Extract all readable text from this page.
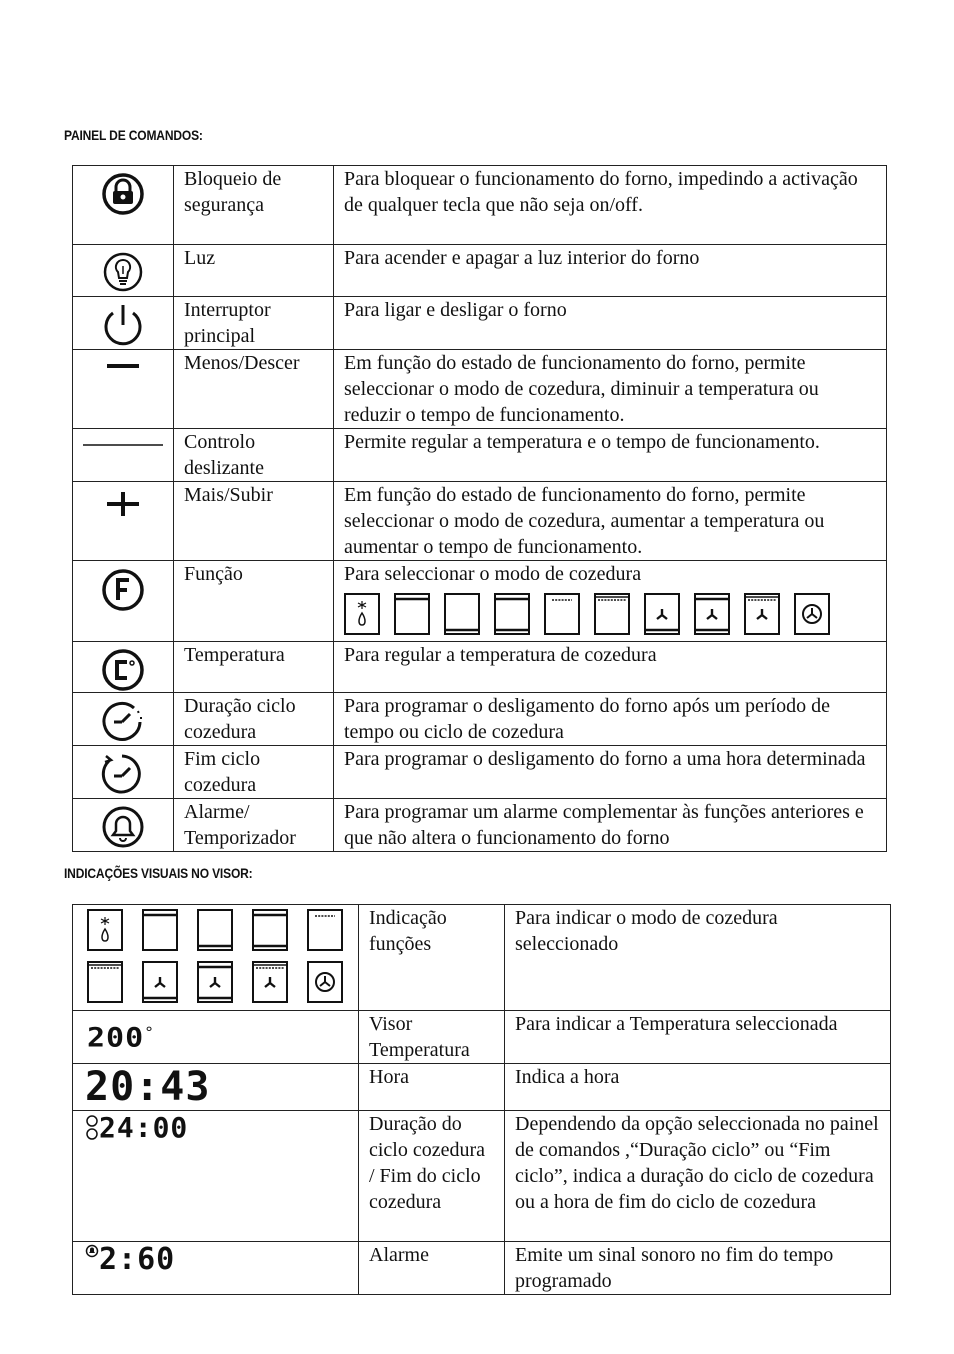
PAINEL DE COMANDOS:
	Bloqueio de segurança	Para bloquear o funcionamento do forno, impedindo a activação de qualquer tecla que não seja on/off.

	Luz	Para acender e apagar a luz interior do forno

	Interruptor principal	Para ligar e desligar o forno

	Menos/Descer	Em função do estado de funcionamento do forno, permite seleccionar o modo de cozedura, diminuir a temperatura ou reduzir o tempo de funcionamento.

	Controlo deslizante	Permite regular a temperatura e o tempo de funcionamento.

	Mais/Subir	Em função do estado de funcionamento do forno, permite seleccionar o modo de cozedura, aumentar a temperatura ou aumentar o tempo de funcionamento.

	Função	Para seleccionar o modo de cozedura

	Temperatura	Para regular a temperatura de cozedura

	Duração ciclo cozedura	Para programar o desligamento do forno após um período de tempo ou ciclo de cozedura

	Fim ciclo cozedura	Para programar o desligamento do forno a uma hora determinada

	Alarme/ Temporizador	Para programar um alarme complementar às funções anteriores e que não altera o funcionamento do forno
INDICAÇÕES VISUAIS NO VISOR:
	Indicação funções	Para indicar o modo de cozedura seleccionado

200°	Visor Temperatura	Para indicar a Temperatura seleccionada

20:43	Hora	Indica a hora

24:00	Duração do ciclo cozedura / Fim do ciclo cozedura	Dependendo da opção seleccionada no painel de comandos ,“Duração ciclo” ou “Fim ciclo”, indica a duração do ciclo de cozedura ou a hora de fim do ciclo de cozedura

2:60	Alarme	Emite um sinal sonoro no fim do tempo programado
